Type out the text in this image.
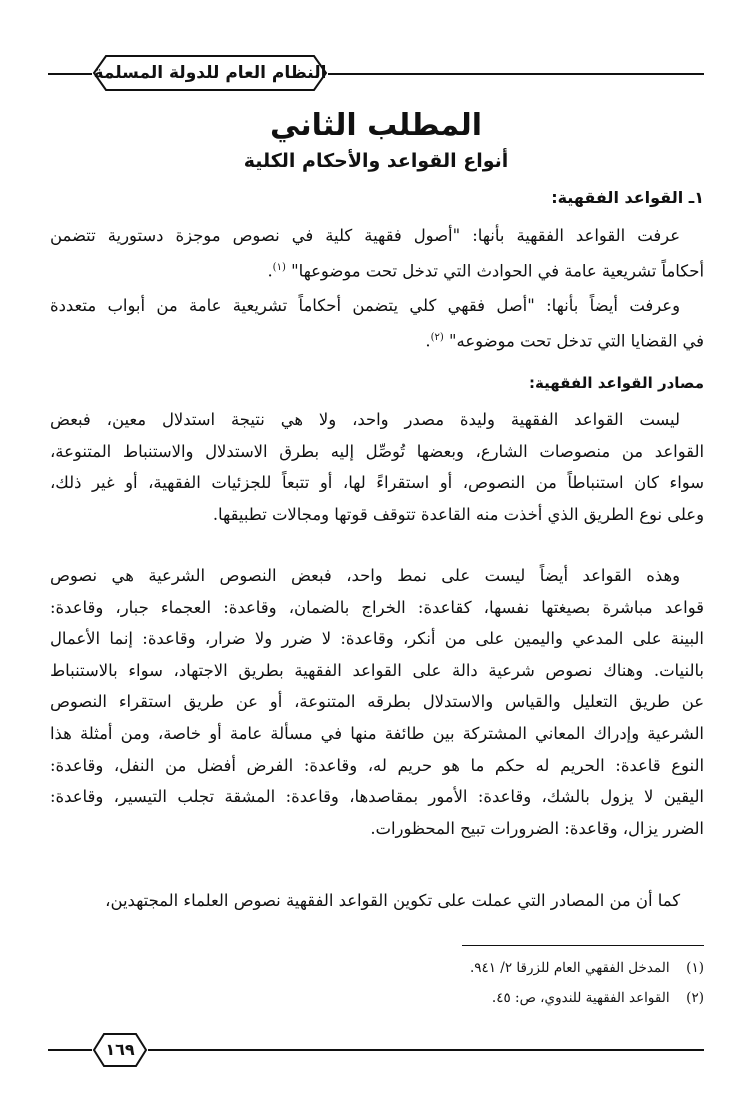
النظام العام للدولة المسلمة
المطلب الثاني
أنواع القواعد والأحكام الكلية
١ـ القواعد الفقهية:
عرفت القواعد الفقهية بأنها: "أصول فقهية كلية في نصوص موجزة دستورية تتضمن
أحكاماً تشريعية عامة في الحوادث التي تدخل تحت موضوعها" $^{(١)}$.
وعرفت أيضاً بأنها: "أصل فقهي كلي يتضمن أحكاماً تشريعية عامة من أبواب متعددة
في القضايا التي تدخل تحت موضوعه" $^{(٢)}$.
مصادر القواعد الفقهية:
ليست القواعد الفقهية وليدة مصدر واحد، ولا هي نتيجة استدلال معين، فبعض
القواعد من منصوصات الشارع، وبعضها تُوصِّل إليه بطرق الاستدلال والاستنباط المتنوعة،
سواء كان استنباطاً من النصوص، أو استقراءً لها، أو تتبعاً للجزئيات الفقهية، أو غير ذلك،
وعلى نوع الطريق الذي أخذت منه القاعدة تتوقف قوتها ومجالات تطبيقها.
وهذه القواعد أيضاً ليست على نمط واحد، فبعض النصوص الشرعية هي نصوص
قواعد مباشرة بصيغتها نفسها، كقاعدة: الخراج بالضمان، وقاعدة: العجماء جبار، وقاعدة:
البينة على المدعي واليمين على من أنكر، وقاعدة: لا ضرر ولا ضرار، وقاعدة: إنما الأعمال
بالنيات. وهناك نصوص شرعية دالة على القواعد الفقهية بطريق الاجتهاد، سواء بالاستنباط
عن طريق التعليل والقياس والاستدلال بطرقه المتنوعة، أو عن طريق استقراء النصوص
الشرعية وإدراك المعاني المشتركة بين طائفة منها في مسألة عامة أو خاصة، ومن أمثلة هذا
النوع قاعدة: الحريم له حكم ما هو حريم له، وقاعدة: الفرض أفضل من النفل، وقاعدة:
اليقين لا يزول بالشك، وقاعدة: الأمور بمقاصدها، وقاعدة: المشقة تجلب التيسير، وقاعدة:
الضرر يزال، وقاعدة: الضرورات تبيح المحظورات.
كما أن من المصادر التي عملت على تكوين القواعد الفقهية نصوص العلماء المجتهدين،
(١)  المدخل الفقهي العام للزرقا ٢/ ٩٤١.
(٢)  القواعد الفقهية للندوي، ص: ٤٥.
١٦٩
